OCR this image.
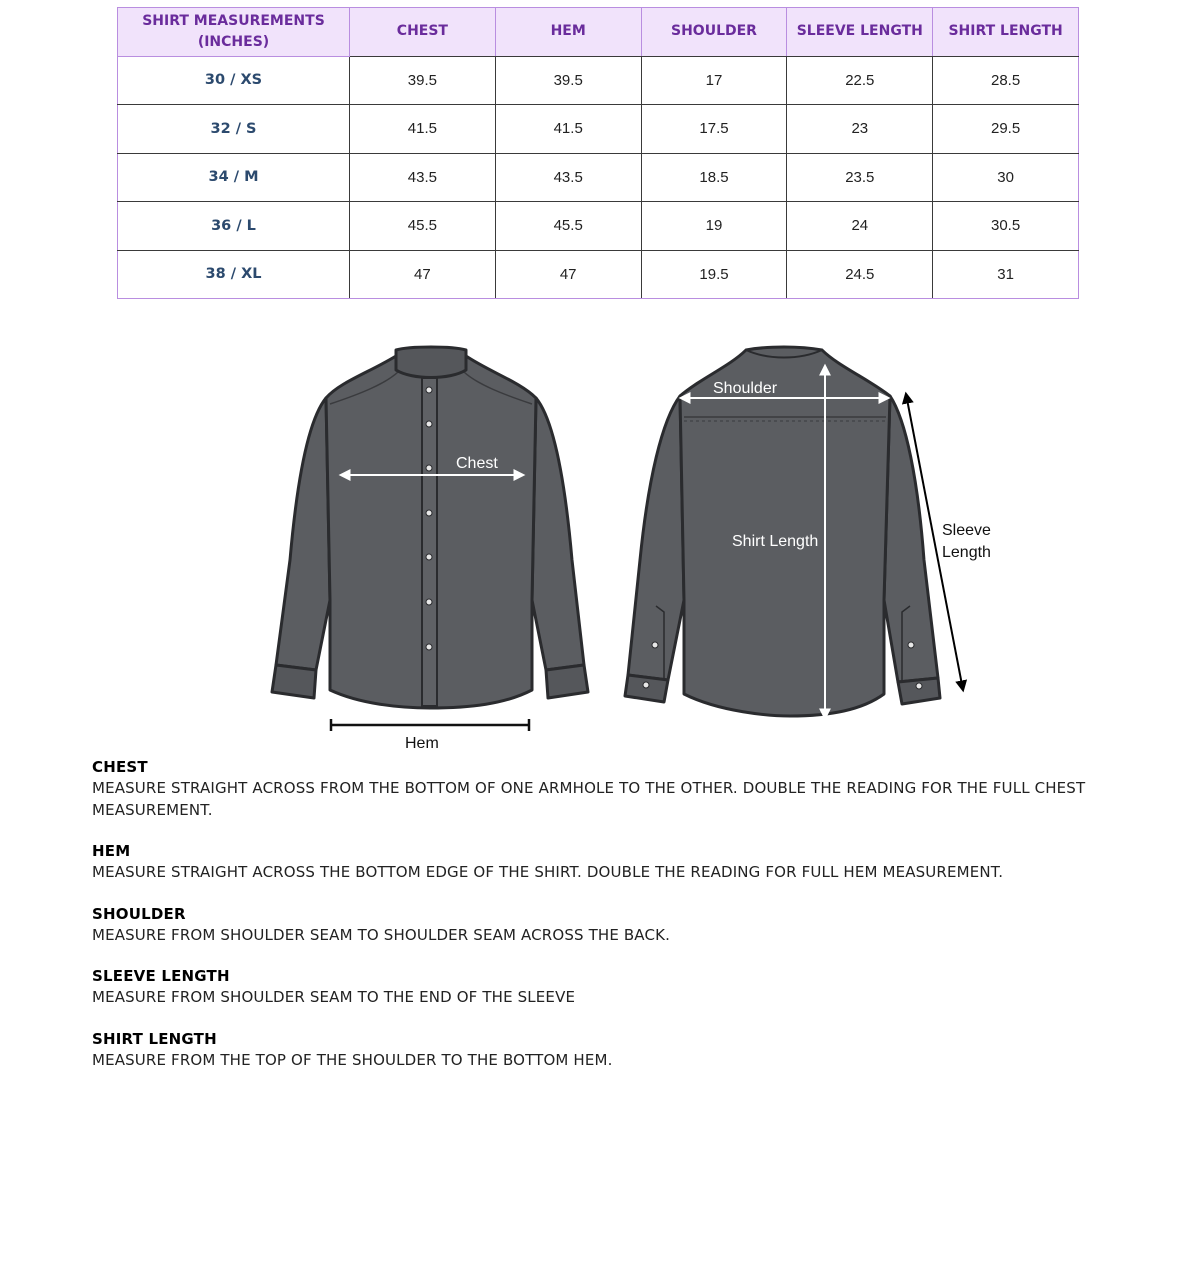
SHIRT MEASUREMENTS (INCHES)	CHEST	HEM	SHOULDER	SLEEVE LENGTH	SHIRT LENGTH
30 / XS	39.5	39.5	17	22.5	28.5
32 / S	41.5	41.5	17.5	23	29.5
34 / M	43.5	43.5	18.5	23.5	30
36 / L	45.5	45.5	19	24	30.5
38 / XL	47	47	19.5	24.5	31
Chest
Hem
Shoulder
Shirt Length
Sleeve
Length
CHEST

MEASURE STRAIGHT ACROSS FROM THE BOTTOM OF ONE ARMHOLE TO THE OTHER. DOUBLE THE READING FOR THE FULL CHEST MEASUREMENT.

HEM

MEASURE STRAIGHT ACROSS THE BOTTOM EDGE OF THE SHIRT. DOUBLE THE READING FOR FULL HEM MEASUREMENT.

SHOULDER

MEASURE FROM SHOULDER SEAM TO SHOULDER SEAM ACROSS THE BACK.

SLEEVE LENGTH

MEASURE FROM SHOULDER SEAM TO THE END OF THE SLEEVE

SHIRT LENGTH

MEASURE FROM THE TOP OF THE SHOULDER TO THE BOTTOM HEM.
